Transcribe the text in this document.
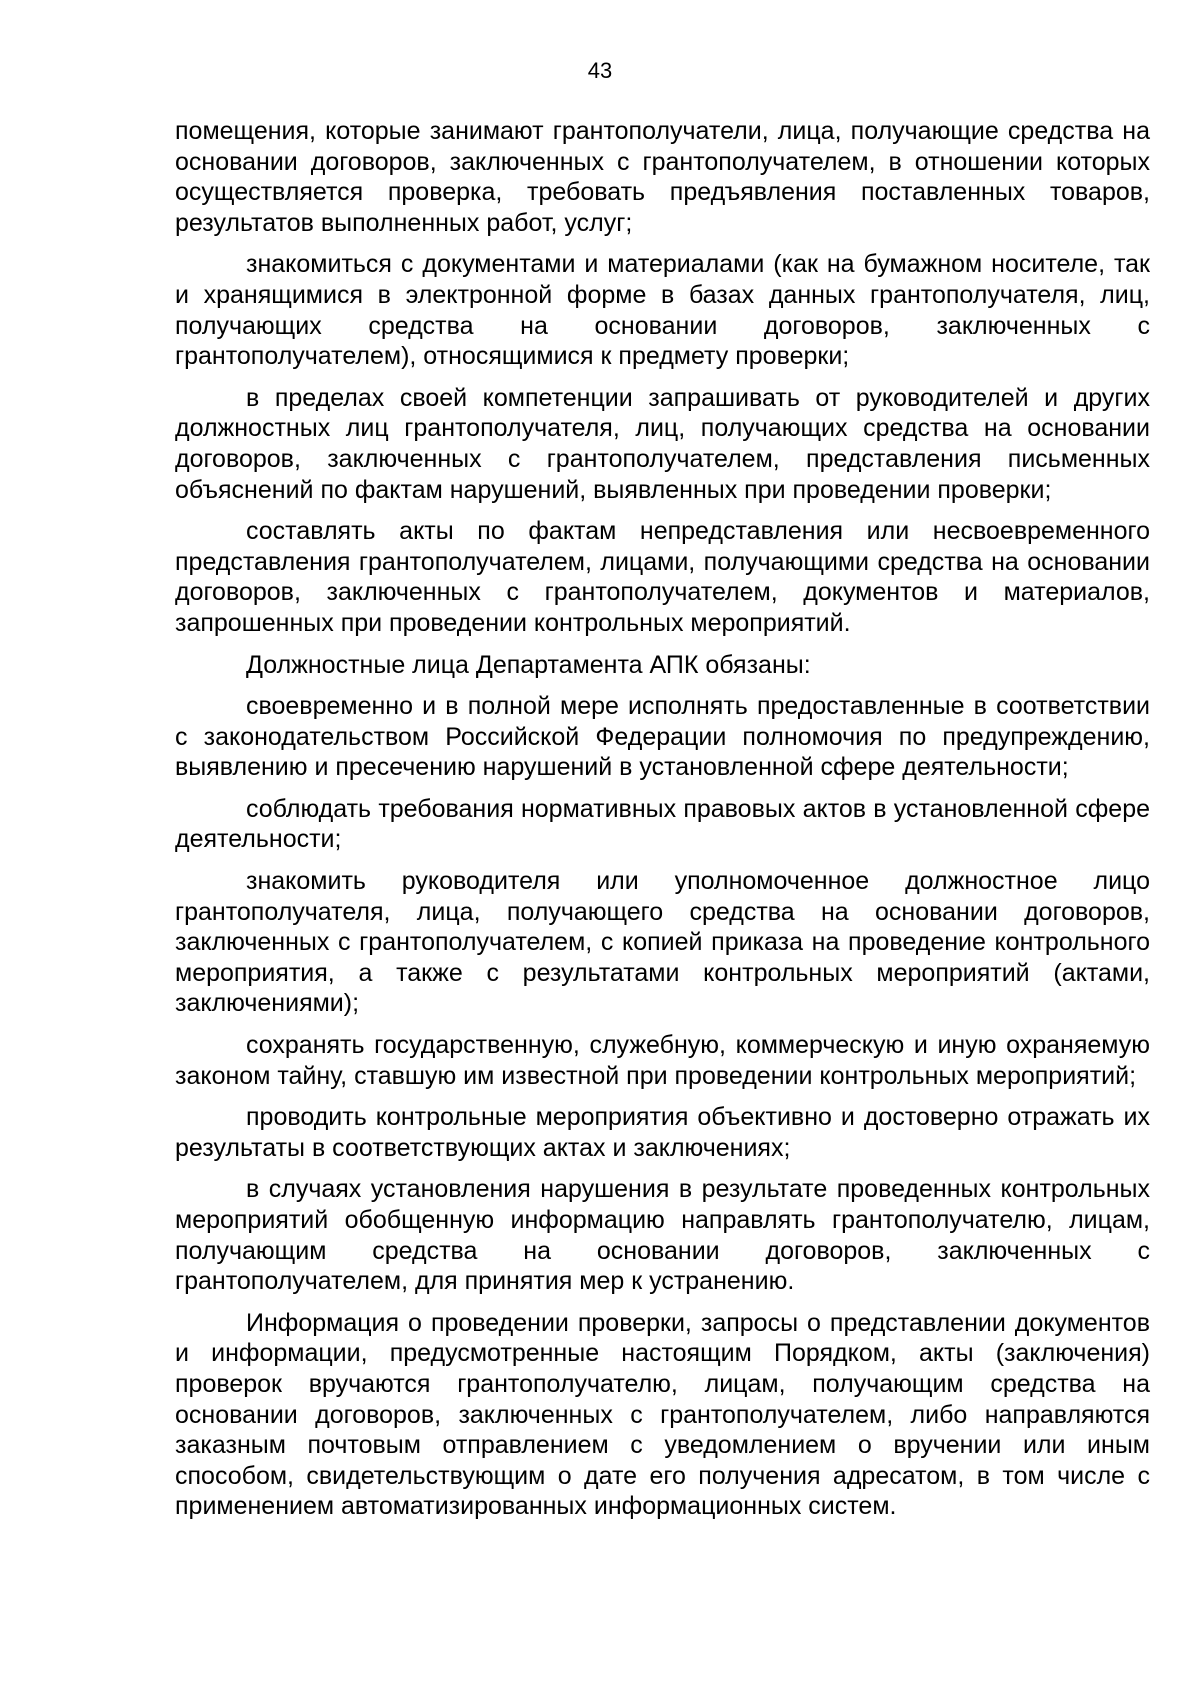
43

помещения, которые занимают грантополучатели, лица, получающие средства на основании договоров, заключенных с грантополучателем, в отношении которых осуществляется проверка, требовать предъявления поставленных товаров, результатов выполненных работ, услуг;

знакомиться с документами и материалами (как на бумажном носителе, так и хранящимися в электронной форме в базах данных грантополучателя, лиц, получающих средства на основании договоров, заключенных с грантополучателем), относящимися к предмету проверки;

в пределах своей компетенции запрашивать от руководителей и других должностных лиц грантополучателя, лиц, получающих средства на основании договоров, заключенных с грантополучателем, представления письменных объяснений по фактам нарушений, выявленных при проведении проверки;

составлять акты по фактам непредставления или несвоевременного представления грантополучателем, лицами, получающими средства на основании договоров, заключенных с грантополучателем, документов и материалов, запрошенных при проведении контрольных мероприятий.

Должностные лица Департамента АПК обязаны:

своевременно и в полной мере исполнять предоставленные в соответствии с законодательством Российской Федерации полномочия по предупреждению, выявлению и пресечению нарушений в установленной сфере деятельности;

соблюдать требования нормативных правовых актов в установленной сфере деятельности;

знакомить руководителя или уполномоченное должностное лицо грантополучателя, лица, получающего средства на основании договоров, заключенных с грантополучателем, с копией приказа на проведение контрольного мероприятия, а также с результатами контрольных мероприятий (актами, заключениями);

сохранять государственную, служебную, коммерческую и иную охраняемую законом тайну, ставшую им известной при проведении контрольных мероприятий;

проводить контрольные мероприятия объективно и достоверно отражать их результаты в соответствующих актах и заключениях;

в случаях установления нарушения в результате проведенных контрольных мероприятий обобщенную информацию направлять грантополучателю, лицам, получающим средства на основании договоров, заключенных с грантополучателем, для принятия мер к устранению.

Информация о проведении проверки, запросы о представлении документов и информации, предусмотренные настоящим Порядком, акты (заключения) проверок вручаются грантополучателю, лицам, получающим средства на основании договоров, заключенных с грантополучателем, либо направляются заказным почтовым отправлением с уведомлением о вручении или иным способом, свидетельствующим о дате его получения адресатом, в том числе с применением автоматизированных информационных систем.
